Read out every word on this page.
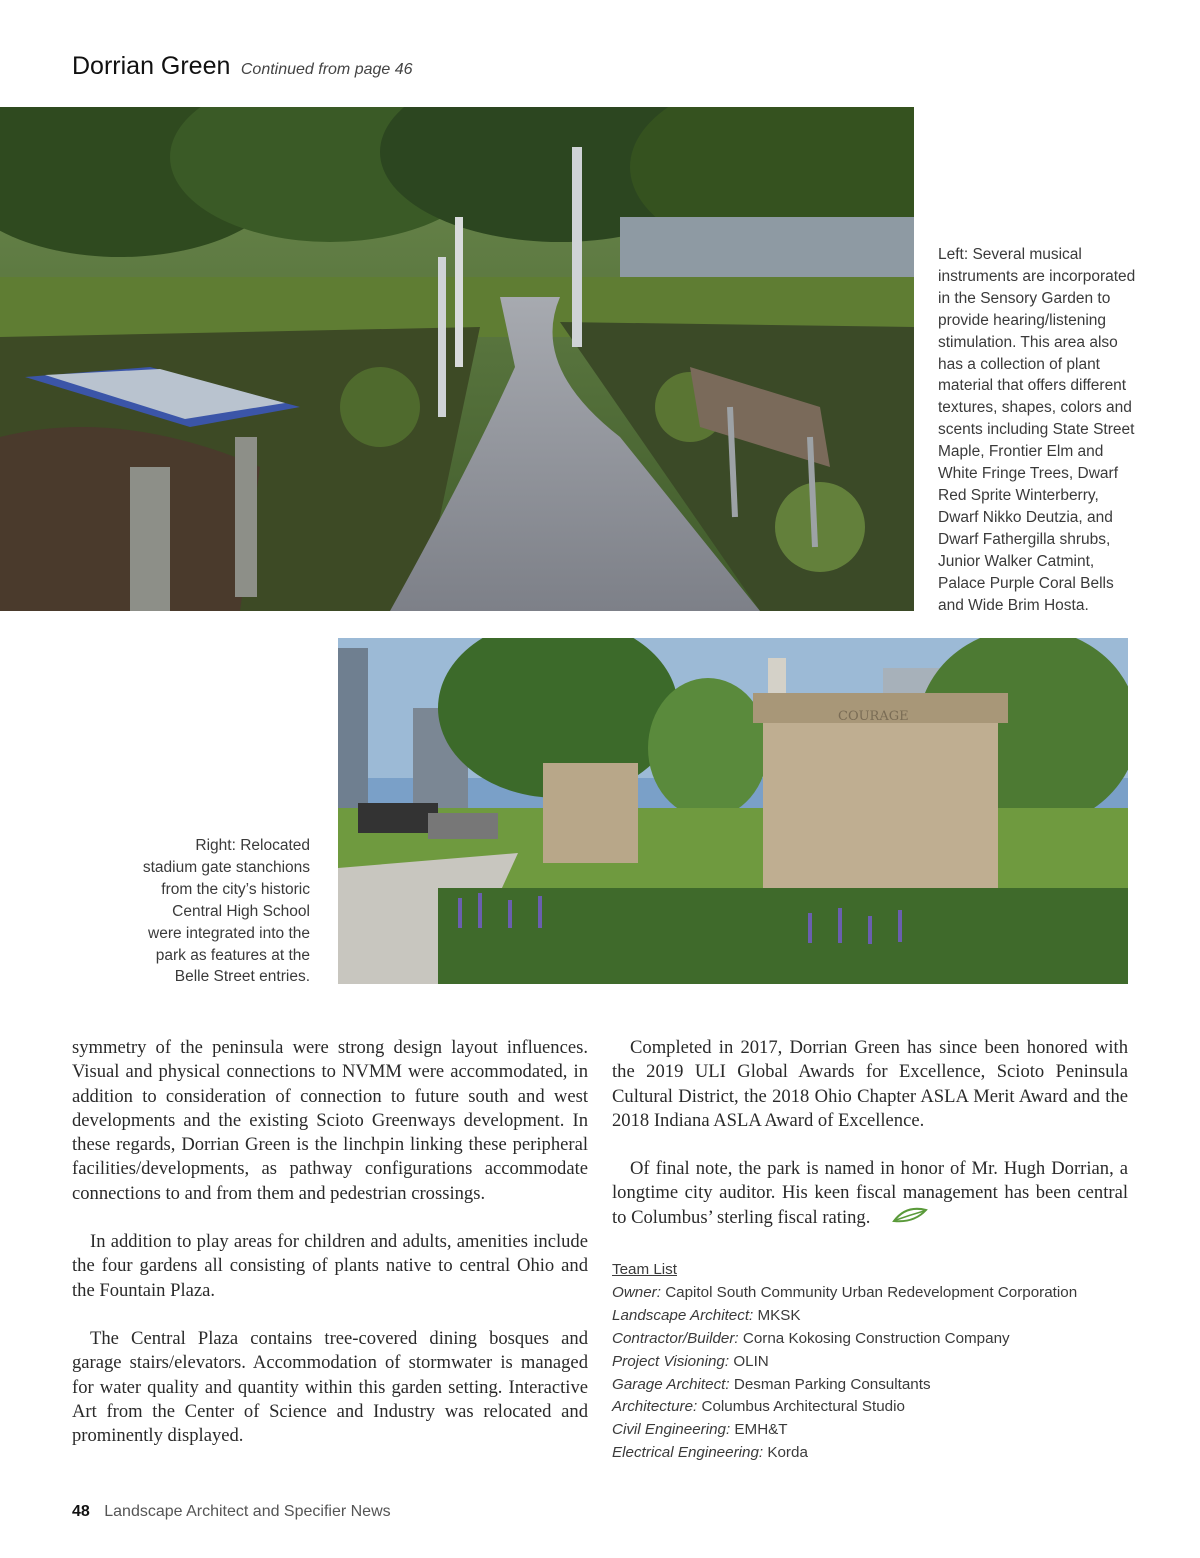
Dorrian Green Continued from page 46
Left: Several musical instruments are incorporated in the Sensory Garden to provide hearing/listening stimulation. This area also has a collection of plant material that offers different textures, shapes, colors and scents including State Street Maple, Frontier Elm and White Fringe Trees, Dwarf Red Sprite Winterberry, Dwarf Nikko Deutzia, and Dwarf Fathergilla shrubs, Junior Walker Catmint, Palace Purple Coral Bells and Wide Brim Hosta.
COURAGE
Right: Relocated stadium gate stanchions from the city’s historic Central High School were integrated into the park as features at the Belle Street entries.

symmetry of the peninsula were strong design layout influences. Visual and physical connections to NVMM were accommodated, in addition to consideration of connection to future south and west developments and the existing Scioto Greenways development. In these regards, Dorrian Green is the linchpin linking these peripheral facilities/developments, as pathway configurations accommodate connections to and from them and pedestrian crossings.

In addition to play areas for children and adults, amenities include the four gardens all consisting of plants native to central Ohio and the Fountain Plaza.

The Central Plaza contains tree-covered dining bosques and garage stairs/elevators. Accommodation of stormwater is managed for water quality and quantity within this garden setting. Interactive Art from the Center of Science and Industry was relocated and prominently displayed.

Completed in 2017, Dorrian Green has since been honored with the 2019 ULI Global Awards for Excellence, Scioto Peninsula Cultural District, the 2018 Ohio Chapter ASLA Merit Award and the 2018 Indiana ASLA Award of Excellence.

Of final note, the park is named in honor of Mr. Hugh Dorrian, a longtime city auditor. His keen fiscal management has been central to Columbus’ sterling fiscal rating.

Team List
Owner: Capitol South Community Urban Redevelopment Corporation
Landscape Architect: MKSK
Contractor/Builder: Corna Kokosing Construction Company
Project Visioning: OLIN
Garage Architect: Desman Parking Consultants
Architecture: Columbus Architectural Studio
Civil Engineering: EMH&T
Electrical Engineering: Korda
48 Landscape Architect and Specifier News
